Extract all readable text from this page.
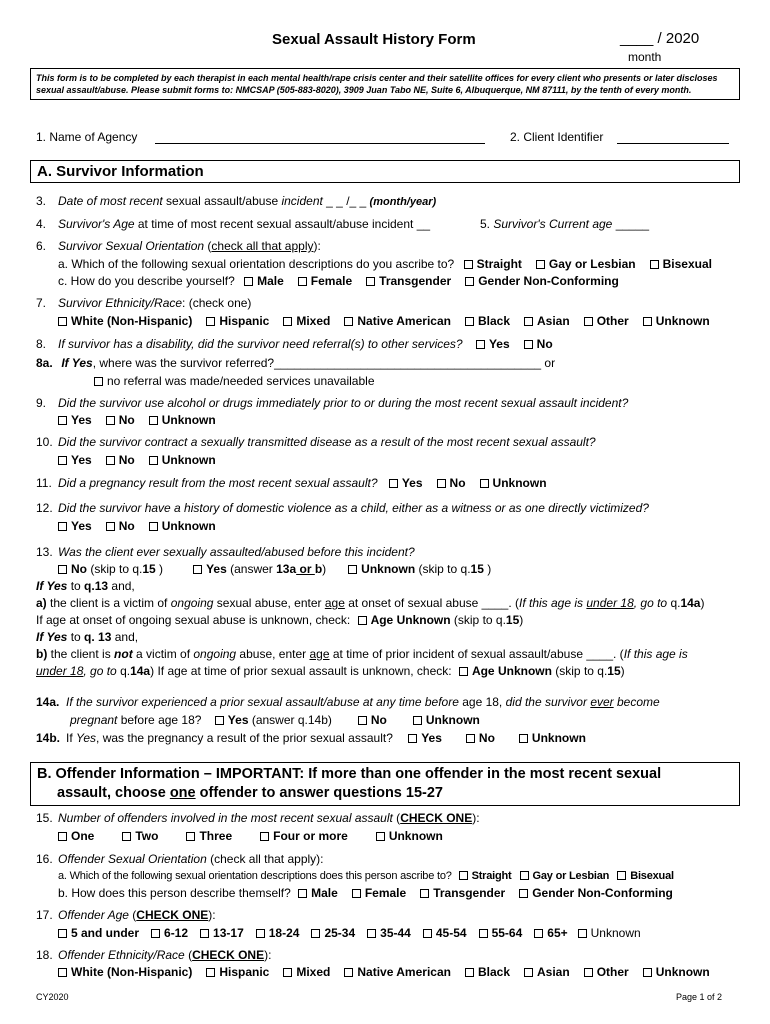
Sexual Assault History Form	____ / 2020
month
This form is to be completed by each therapist in each mental health/rape crisis center and their satellite offices for every client who presents or later discloses sexual assault/abuse. Please submit forms to: NMCSAP (505-883-8020), 3909 Juan Tabo NE, Suite 6, Albuquerque, NM 87111, by the tenth of every month.
1. Name of Agency	2. Client Identifier
A. Survivor Information
3. Date of most recent sexual assault/abuse incident _ _ /_ _ (month/year)
4. Survivor's Age at time of most recent sexual assault/abuse incident __	5. Survivor's Current age _____
6. Survivor Sexual Orientation (check all that apply):
a. Which of the following sexual orientation descriptions do you ascribe to? Straight Gay or Lesbian Bisexual
c. How do you describe yourself? Male Female Transgender Gender Non-Conforming
7. Survivor Ethnicity/Race: (check one)
White (Non-Hispanic) Hispanic Mixed Native American Black Asian Other Unknown
8. If survivor has a disability, did the survivor need referral(s) to other services? Yes No
8a. If Yes, where was the survivor referred?________________________________________ or
no referral was made/needed services unavailable
9. Did the survivor use alcohol or drugs immediately prior to or during the most recent sexual assault incident?
Yes No Unknown
10. Did the survivor contract a sexually transmitted disease as a result of the most recent sexual assault?
Yes No Unknown
11. Did a pregnancy result from the most recent sexual assault? Yes No Unknown
12. Did the survivor have a history of domestic violence as a child, either as a witness or as one directly victimized?
Yes No Unknown
13. Was the client ever sexually assaulted/abused before this incident?
No (skip to q.15 )	Yes (answer 13a or b)	Unknown (skip to q.15 )
If Yes to q.13 and,
a) the client is a victim of ongoing sexual abuse, enter age at onset of sexual abuse ____. (If this age is under 18, go to q.14a)
If age at onset of ongoing sexual abuse is unknown, check: Age Unknown (skip to q.15)
If Yes to q. 13 and,
b) the client is not a victim of ongoing abuse, enter age at time of prior incident of sexual assault/abuse ____. (If this age is
under 18, go to q.14a) If age at time of prior sexual assault is unknown, check: Age Unknown (skip to q.15)
14a. If the survivor experienced a prior sexual assault/abuse at any time before age 18, did the survivor ever become
pregnant before age 18? Yes (answer q.14b)	No	Unknown
14b. If Yes, was the pregnancy a result of the prior sexual assault? Yes	No	Unknown
B. Offender Information – IMPORTANT: If more than one offender in the most recent sexual
assault, choose one offender to answer questions 15-27
15. Number of offenders involved in the most recent sexual assault (CHECK ONE):
One	Two	Three	Four or more	Unknown
16. Offender Sexual Orientation (check all that apply):
a. Which of the following sexual orientation descriptions does this person ascribe to? Straight Gay or Lesbian Bisexual
b. How does this person describe themself? Male Female Transgender Gender Non-Conforming
17. Offender Age (CHECK ONE):
5 and under 6-12 13-17 18-24 25-34 35-44 45-54 55-64 65+ Unknown
18. Offender Ethnicity/Race (CHECK ONE):
White (Non-Hispanic) Hispanic Mixed Native American Black Asian Other Unknown
CY2020	Page 1 of 2
